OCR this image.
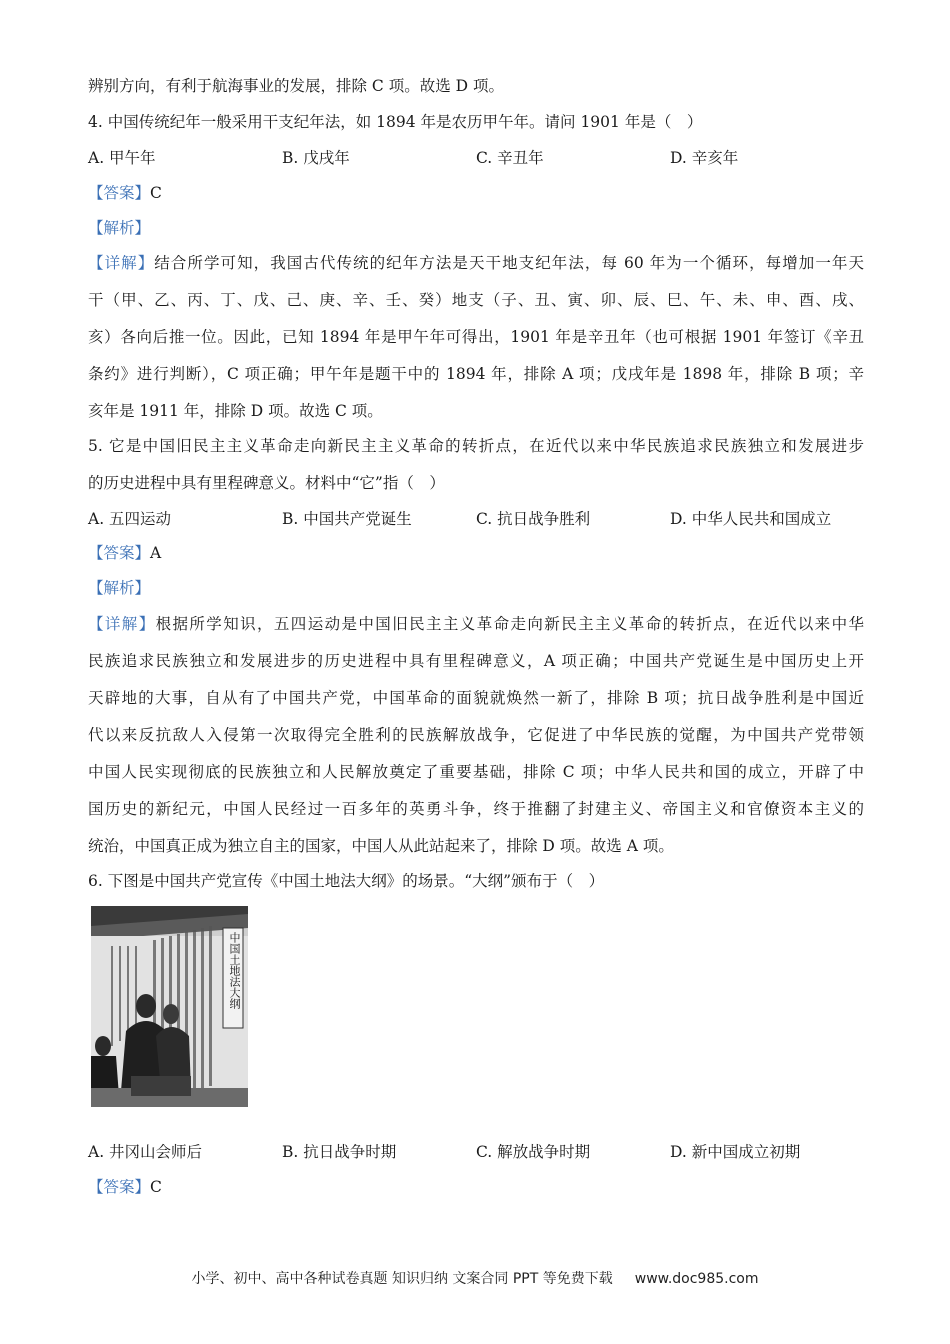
辨别方向，有利于航海事业的发展，排除 C 项。故选 D 项。
4. 中国传统纪年一般采用干支纪年法，如 1894 年是农历甲午年。请问 1901 年是（　）
A. 甲午年	B. 戊戌年	C. 辛丑年	D. 辛亥年
【答案】C
【解析】
【详解】结合所学可知，我国古代传统的纪年方法是天干地支纪年法，每 60 年为一个循环，每增加一年天
干（甲、乙、丙、丁、戊、己、庚、辛、壬、癸）地支（子、丑、寅、卯、辰、巳、午、未、申、酉、戌、
亥）各向后推一位。因此，已知 1894 年是甲午年可得出，1901 年是辛丑年（也可根据 1901 年签订《辛丑
条约》进行判断），C 项正确；甲午年是题干中的 1894 年，排除 A 项；戊戌年是 1898 年，排除 B 项；辛
亥年是 1911 年，排除 D 项。故选 C 项。
5. 它是中国旧民主主义革命走向新民主主义革命的转折点，在近代以来中华民族追求民族独立和发展进步
的历史进程中具有里程碑意义。材料中“它”指（　）
A. 五四运动	B. 中国共产党诞生	C. 抗日战争胜利	D. 中华人民共和国成立
【答案】A
【解析】
【详解】根据所学知识，五四运动是中国旧民主主义革命走向新民主主义革命的转折点，在近代以来中华
民族追求民族独立和发展进步的历史进程中具有里程碑意义，A 项正确；中国共产党诞生是中国历史上开
天辟地的大事，自从有了中国共产党，中国革命的面貌就焕然一新了，排除 B 项；抗日战争胜利是中国近
代以来反抗敌人入侵第一次取得完全胜利的民族解放战争，它促进了中华民族的觉醒，为中国共产党带领
中国人民实现彻底的民族独立和人民解放奠定了重要基础，排除 C 项；中华人民共和国的成立，开辟了中
国历史的新纪元，中国人民经过一百多年的英勇斗争，终于推翻了封建主义、帝国主义和官僚资本主义的
统治，中国真正成为独立自主的国家，中国人从此站起来了，排除 D 项。故选 A 项。
6. 下图是中国共产党宣传《中国土地法大纲》的场景。“大纲”颁布于（　）
中国土地法大纲
A. 井冈山会师后	B. 抗日战争时期	C. 解放战争时期	D. 新中国成立初期
【答案】C
小学、初中、高中各种试卷真题 知识归纳 文案合同 PPT 等免费下载 www.doc985.com
